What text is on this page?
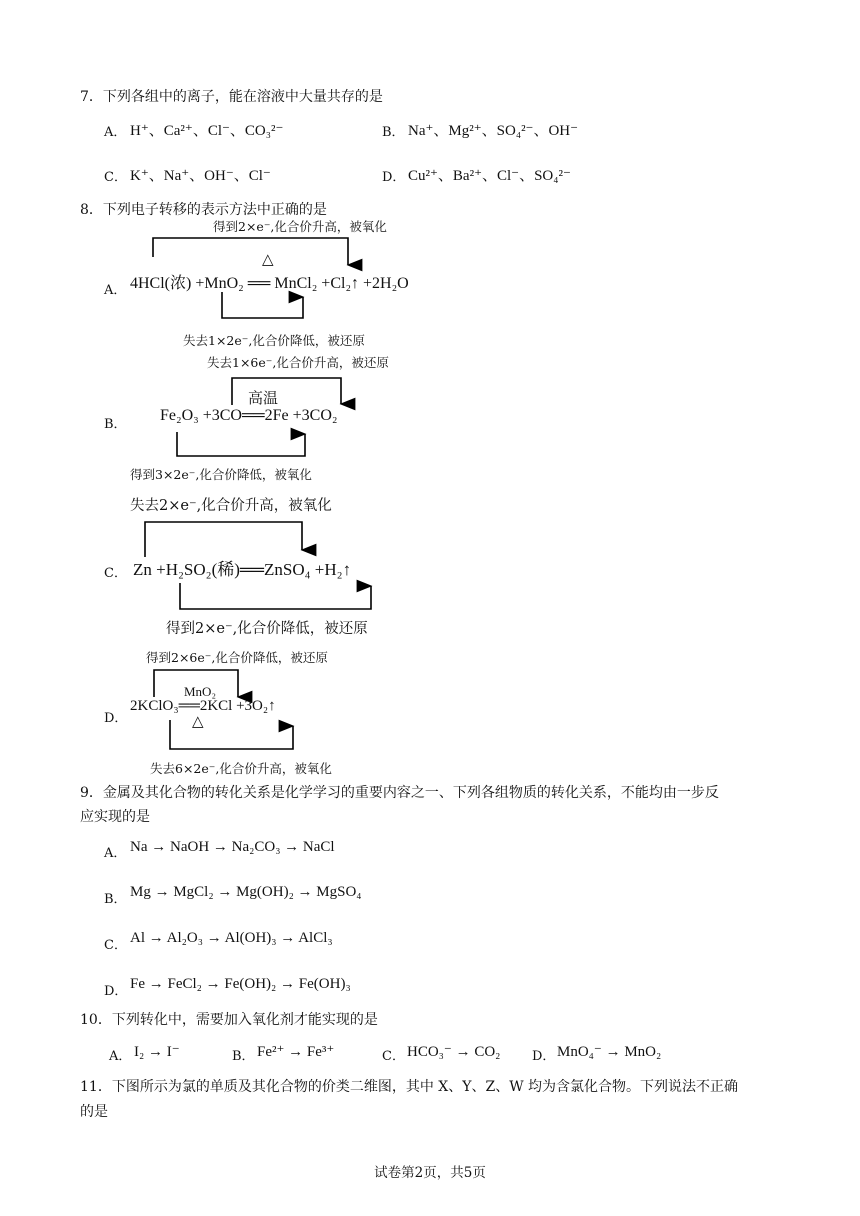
7．下列各组中的离子，能在溶液中大量共存的是
A． H⁺、Ca²⁺、Cl⁻、CO₃²⁻	B． Na⁺、Mg²⁺、SO₄²⁻、OH⁻
C． K⁺、Na⁺、OH⁻、Cl⁻	D． Cu²⁺、Ba²⁺、Cl⁻、SO₄²⁻
8．下列电子转移的表示方法中正确的是
得到2×e⁻,化合价升高，被氧化
A． 4HCl(浓) +MnO₂ ══ MnCl₂ +Cl₂↑ +2H₂O
△
失去1×2e⁻,化合价降低，被还原
失去1×6e⁻,化合价升高，被还原
B．
Fe₂O₃ +3CO══2Fe +3CO₂
高温
得到3×2e⁻,化合价降低，被氧化
失去2×e⁻,化合价升高，被氧化
C． Zn +H₂SO₂(稀)══ZnSO₄ +H₂↑
得到2×e⁻,化合价降低，被还原
得到2×6e⁻,化合价降低，被还原
D．
2KClO₃══2KCl +3O₂↑
MnO₂
△
失去6×2e⁻,化合价升高，被氧化
9．金属及其化合物的转化关系是化学学习的重要内容之一、下列各组物质的转化关系，不能均由一步反
应实现的是
A． Na → NaOH → Na₂CO₃ → NaCl
B． Mg → MgCl₂ → Mg(OH)₂ → MgSO₄
C． Al → Al₂O₃ → Al(OH)₃ → AlCl₃
D． Fe → FeCl₂ → Fe(OH)₂ → Fe(OH)₃
10．下列转化中，需要加入氧化剂才能实现的是
A． I₂ → I⁻	B． Fe²⁺ → Fe³⁺	C． HCO₃⁻ → CO₂ D． MnO₄⁻ → MnO₂
11．下图所示为氯的单质及其化合物的价类二维图，其中 X、Y、Z、W 均为含氯化合物。下列说法不正确
的是
试卷第2页，共5页
